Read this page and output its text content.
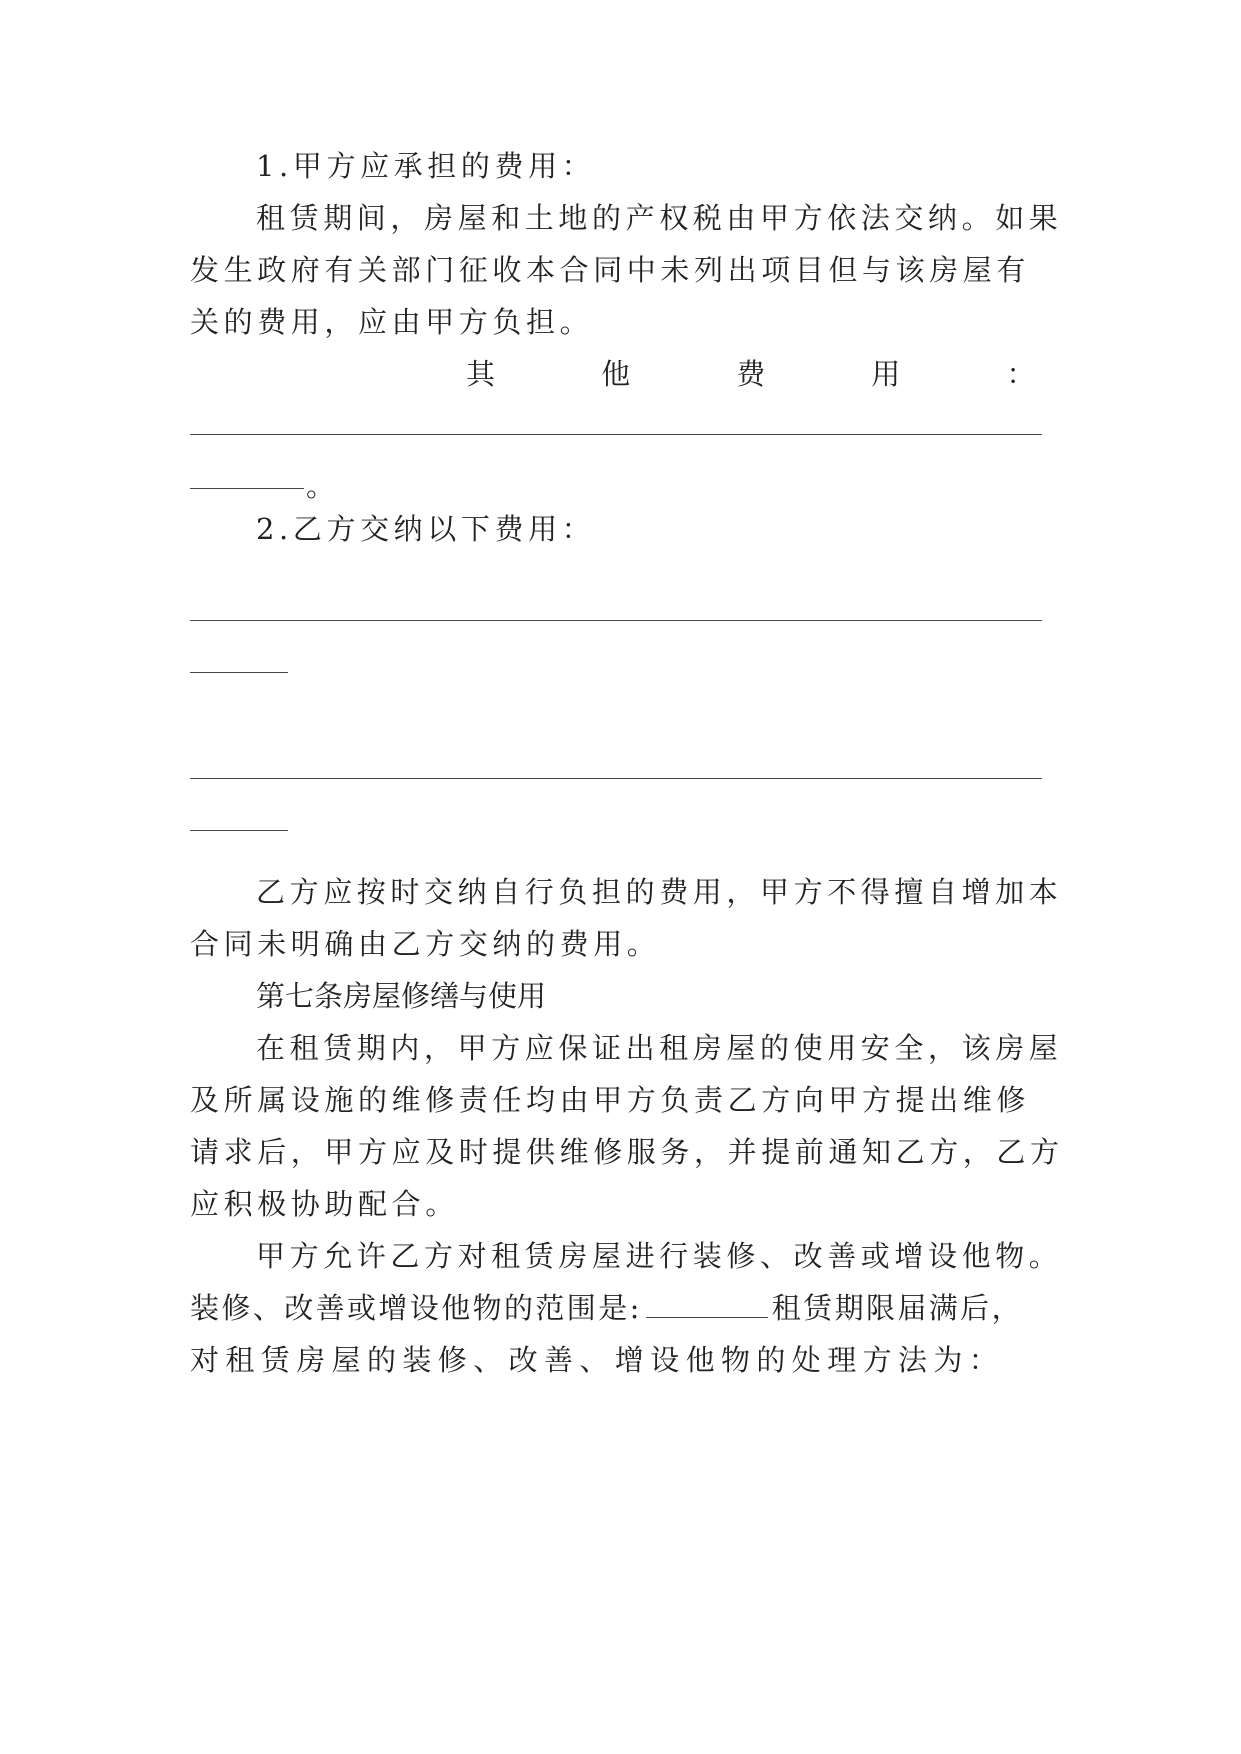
1.甲方应承担的费用：
租赁期间，房屋和土地的产权税由甲方依法交纳。如果
发生政府有关部门征收本合同中未列出项目但与该房屋有
关的费用，应由甲方负担。
其	他	费	用	：
。
2.乙方交纳以下费用：
乙方应按时交纳自行负担的费用，甲方不得擅自增加本
合同未明确由乙方交纳的费用。
第七条房屋修缮与使用
在租赁期内，甲方应保证出租房屋的使用安全，该房屋
及所属设施的维修责任均由甲方负责乙方向甲方提出维修
请求后，甲方应及时提供维修服务，并提前通知乙方，乙方
应积极协助配合。
甲方允许乙方对租赁房屋进行装修、改善或增设他物。
装修、改善或增设他物的范围是:	租赁期限届满后，
对租赁房屋的装修、改善、增设他物的处理方法为：
